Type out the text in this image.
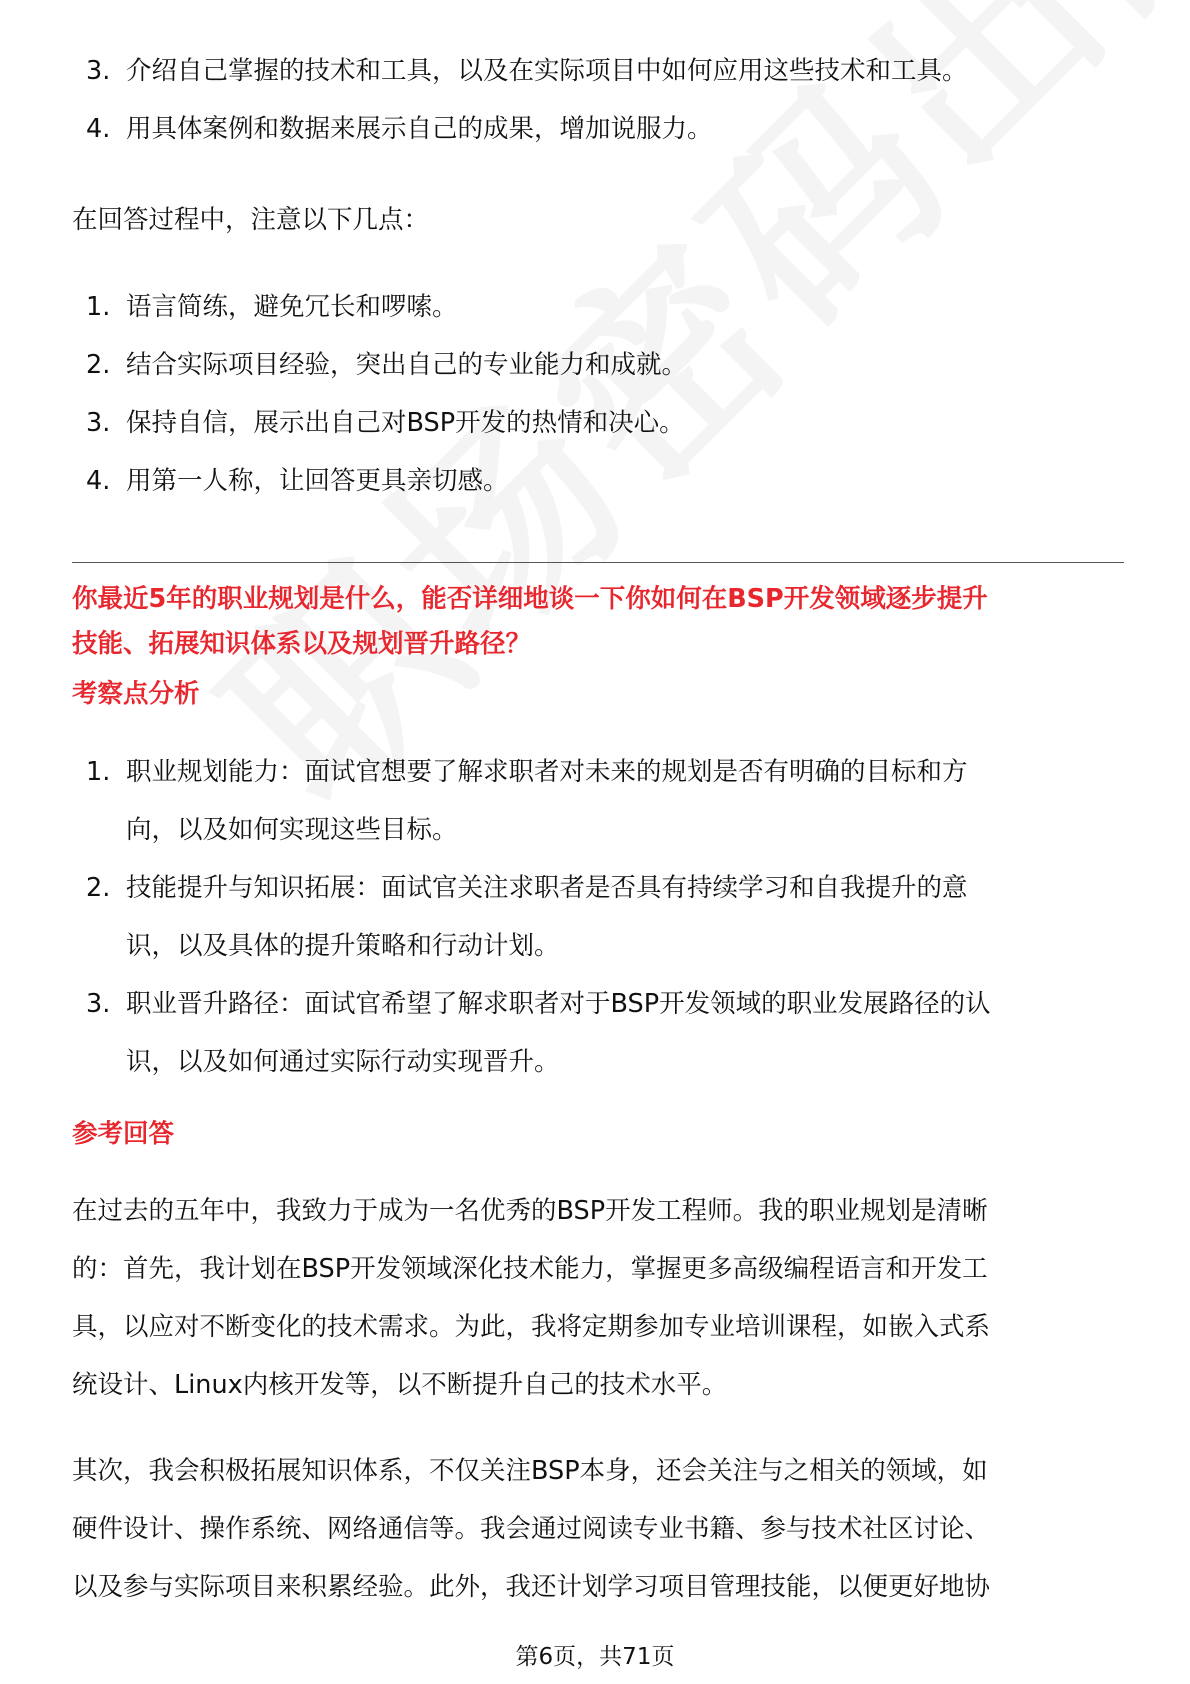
3. 介绍自己掌握的技术和工具，以及在实际项目中如何应用这些技术和工具。
4. 用具体案例和数据来展示自己的成果，增加说服力。
在回答过程中，注意以下几点：
1. 语言简练，避免冗长和啰嗦。
2. 结合实际项目经验，突出自己的专业能力和成就。
3. 保持自信，展示出自己对BSP开发的热情和决心。
4. 用第一人称，让回答更具亲切感。
你最近5年的职业规划是什么，能否详细地谈一下你如何在BSP开发领域逐步提升
技能、拓展知识体系以及规划晋升路径？
考察点分析
1. 职业规划能力：面试官想要了解求职者对未来的规划是否有明确的目标和方
向，以及如何实现这些目标。
2. 技能提升与知识拓展：面试官关注求职者是否具有持续学习和自我提升的意
识，以及具体的提升策略和行动计划。
3. 职业晋升路径：面试官希望了解求职者对于BSP开发领域的职业发展路径的认
识，以及如何通过实际行动实现晋升。
参考回答
在过去的五年中，我致力于成为一名优秀的BSP开发工程师。我的职业规划是清晰
的：首先，我计划在BSP开发领域深化技术能力，掌握更多高级编程语言和开发工
具，以应对不断变化的技术需求。为此，我将定期参加专业培训课程，如嵌入式系
统设计、Linux内核开发等，以不断提升自己的技术水平。
其次，我会积极拓展知识体系，不仅关注BSP本身，还会关注与之相关的领域，如
硬件设计、操作系统、网络通信等。我会通过阅读专业书籍、参与技术社区讨论、
以及参与实际项目来积累经验。此外，我还计划学习项目管理技能，以便更好地协
第6页，共71页
